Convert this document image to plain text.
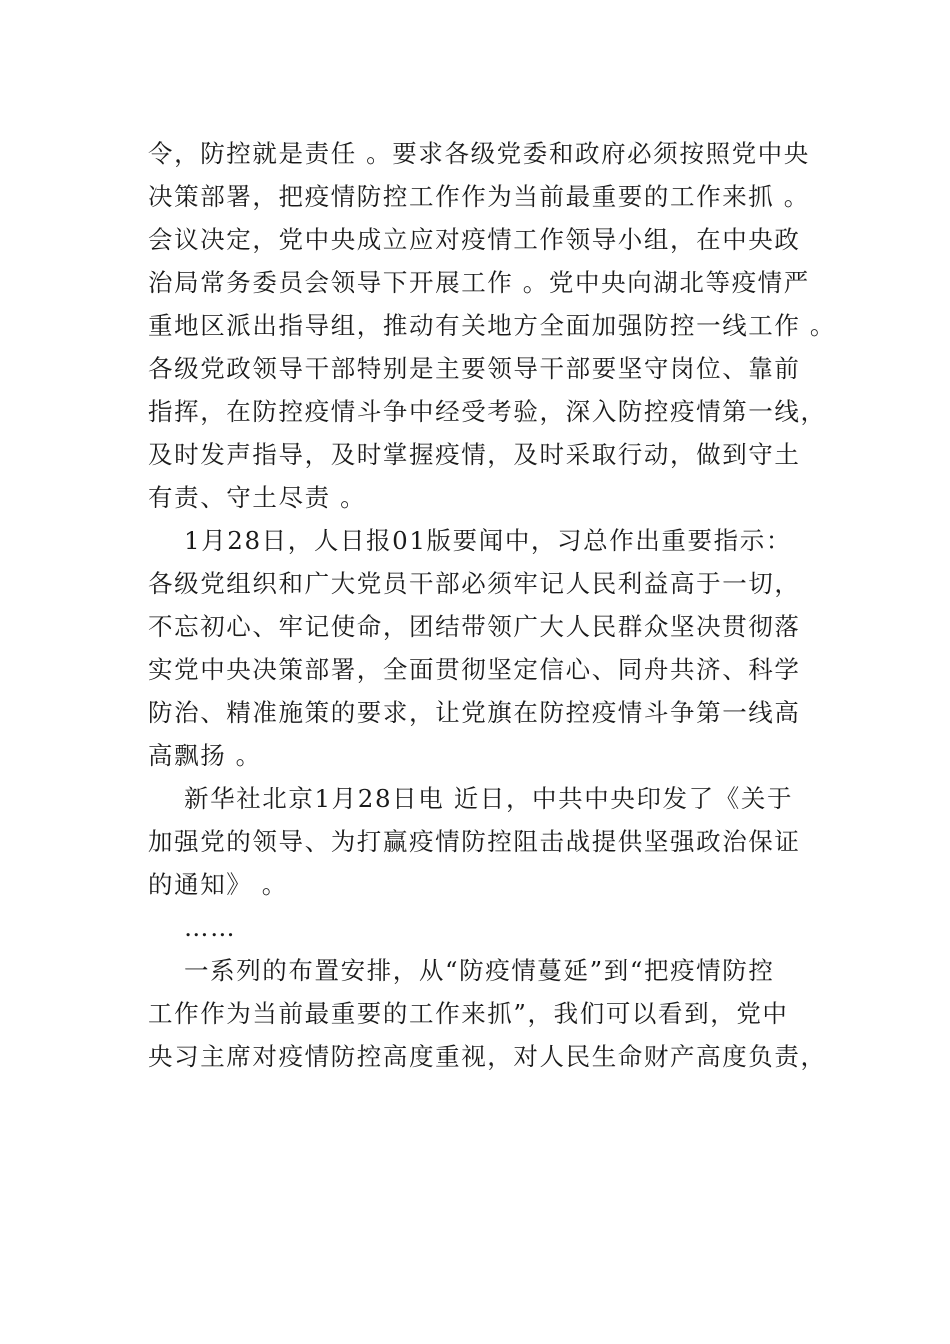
令，防控就是责任 。要求各级党委和政府必须按照党中央
决策部署，把疫情防控工作作为当前最重要的工作来抓 。
会议决定，党中央成立应对疫情工作领导小组，在中央政
治局常务委员会领导下开展工作 。党中央向湖北等疫情严
重地区派出指导组，推动有关地方全面加强防控一线工作 。
各级党政领导干部特别是主要领导干部要坚守岗位、靠前
指挥，在防控疫情斗争中经受考验，深入防控疫情第一线，
及时发声指导，及时掌握疫情，及时采取行动，做到守土
有责、守土尽责 。
1月28日，人日报01版要闻中，习总作出重要指示：
各级党组织和广大党员干部必须牢记人民利益高于一切，
不忘初心、牢记使命，团结带领广大人民群众坚决贯彻落
实党中央决策部署，全面贯彻坚定信心、同舟共济、科学
防治、精准施策的要求，让党旗在防控疫情斗争第一线高
高飘扬 。
新华社北京1月28日电 近日，中共中央印发了《关于
加强党的领导、为打赢疫情防控阻击战提供坚强政治保证
的通知》 。
……
一系列的布置安排，从“防疫情蔓延”到“把疫情防控
工作作为当前最重要的工作来抓”，我们可以看到，党中
央习主席对疫情防控高度重视，对人民生命财产高度负责，
